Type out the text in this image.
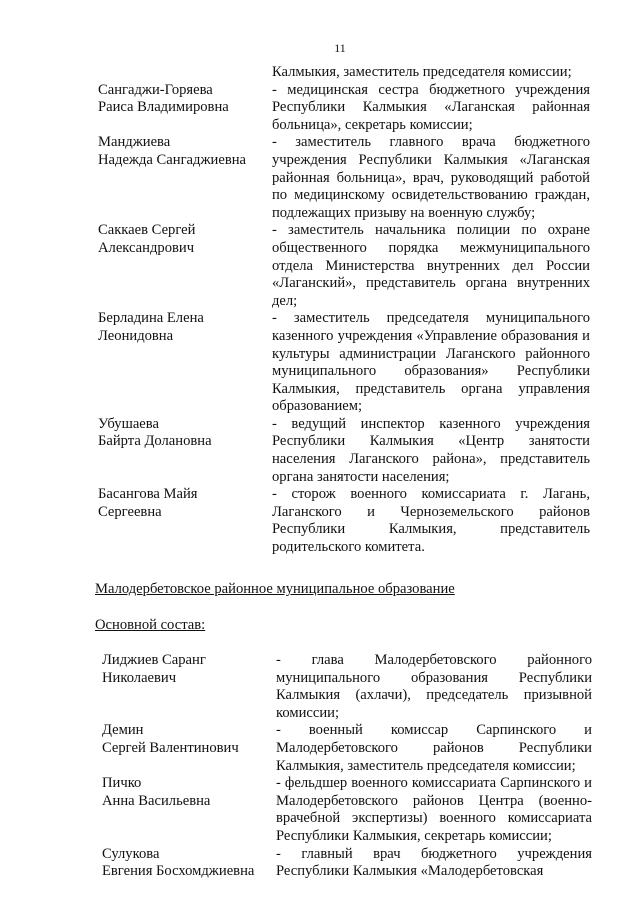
11
Калмыкия, заместитель председателя комиссии;
Сангаджи-Горяева
Раиса Владимировна
- медицинская сестра бюджетного учреждения Республики Калмыкия «Лаганская районная больница», секретарь комиссии;
Манджиева
Надежда Сангаджиевна
- заместитель главного врача бюджетного учреждения Республики Калмыкия «Лаганская районная больница», врач, руководящий работой по медицинскому освидетельствованию граждан, подлежащих призыву на военную службу;
Саккаев Сергей
Александрович
- заместитель начальника полиции по охране общественного порядка межмуниципального отдела Министерства внутренних дел России «Лаганский», представитель органа внутренних дел;
Берладина Елена
Леонидовна
- заместитель председателя муниципального казенного учреждения «Управление образования и культуры администрации Лаганского районного муниципального образования» Республики Калмыкия, представитель органа управления образованием;
Убушаева
Байрта Долановна
- ведущий инспектор казенного учреждения Республики Калмыкия «Центр занятости населения Лаганского района», представитель органа занятости населения;
Басангова Майя
Сергеевна
- сторож военного комиссариата г. Лагань, Лаганского и Черноземельского районов Республики Калмыкия, представитель родительского комитета.
Малодербетовское районное муниципальное образование
Основной состав:
Лиджиев Саранг
Николаевич
- глава Малодербетовского районного муниципального образования Республики Калмыкия (ахлачи), председатель призывной комиссии;
Демин
Сергей Валентинович
- военный комиссар Сарпинского и Малодербетовского районов Республики Калмыкия, заместитель председателя комиссии;
Пичко
Анна Васильевна
- фельдшер военного комиссариата Сарпинского и Малодербетовского районов Центра (военно-врачебной экспертизы) военного комиссариата Республики Калмыкия, секретарь комиссии;
Сулукова
Евгения Босхомджиевна
- главный врач бюджетного учреждения Республики Калмыкия «Малодербетовская
